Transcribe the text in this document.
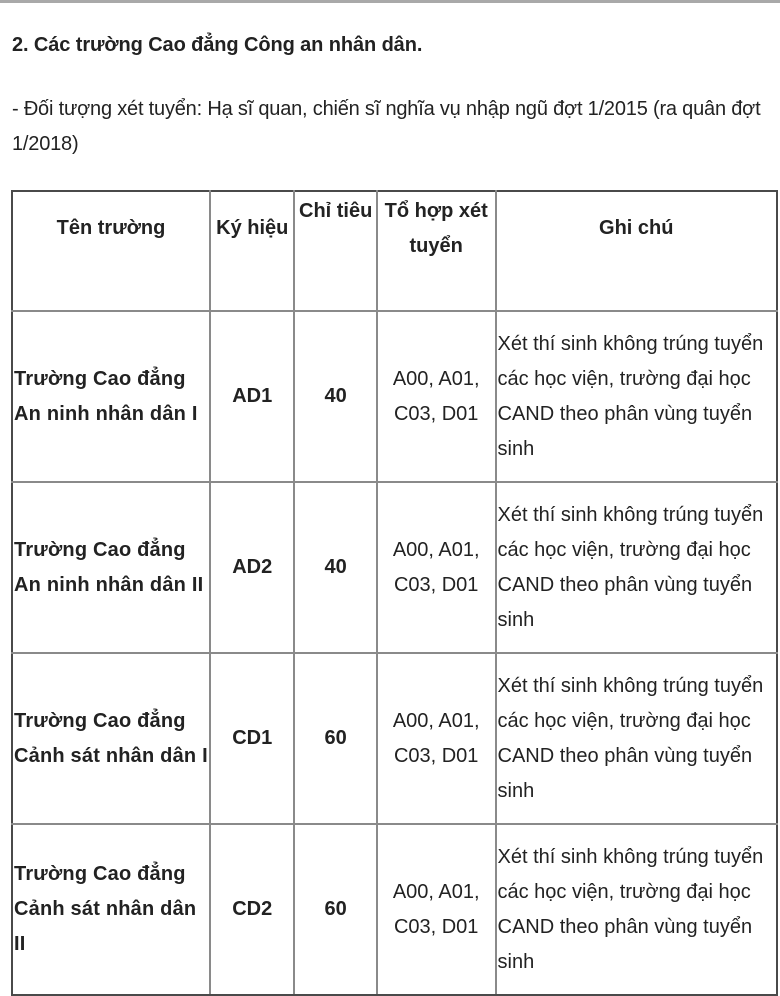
2. Các trường Cao đẳng Công an nhân dân.
- Đối tượng xét tuyển: Hạ sĩ quan, chiến sĩ nghĩa vụ nhập ngũ đợt 1/2015 (ra quân đợt 1/2018)
Tên trường	Ký hiệu	Chỉ tiêu	Tổ hợp xét tuyển	Ghi chú
Trường Cao đẳng An ninh nhân dân I	AD1	40	A00, A01, C03, D01	Xét thí sinh không trúng tuyển các học viện, trường đại học CAND theo phân vùng tuyển sinh
Trường Cao đẳng An ninh nhân dân II	AD2	40	A00, A01, C03, D01	Xét thí sinh không trúng tuyển các học viện, trường đại học CAND theo phân vùng tuyển sinh
Trường Cao đẳng Cảnh sát nhân dân I	CD1	60	A00, A01, C03, D01	Xét thí sinh không trúng tuyển các học viện, trường đại học CAND theo phân vùng tuyển sinh
Trường Cao đẳng Cảnh sát nhân dân II	CD2	60	A00, A01, C03, D01	Xét thí sinh không trúng tuyển các học viện, trường đại học CAND theo phân vùng tuyển sinh
